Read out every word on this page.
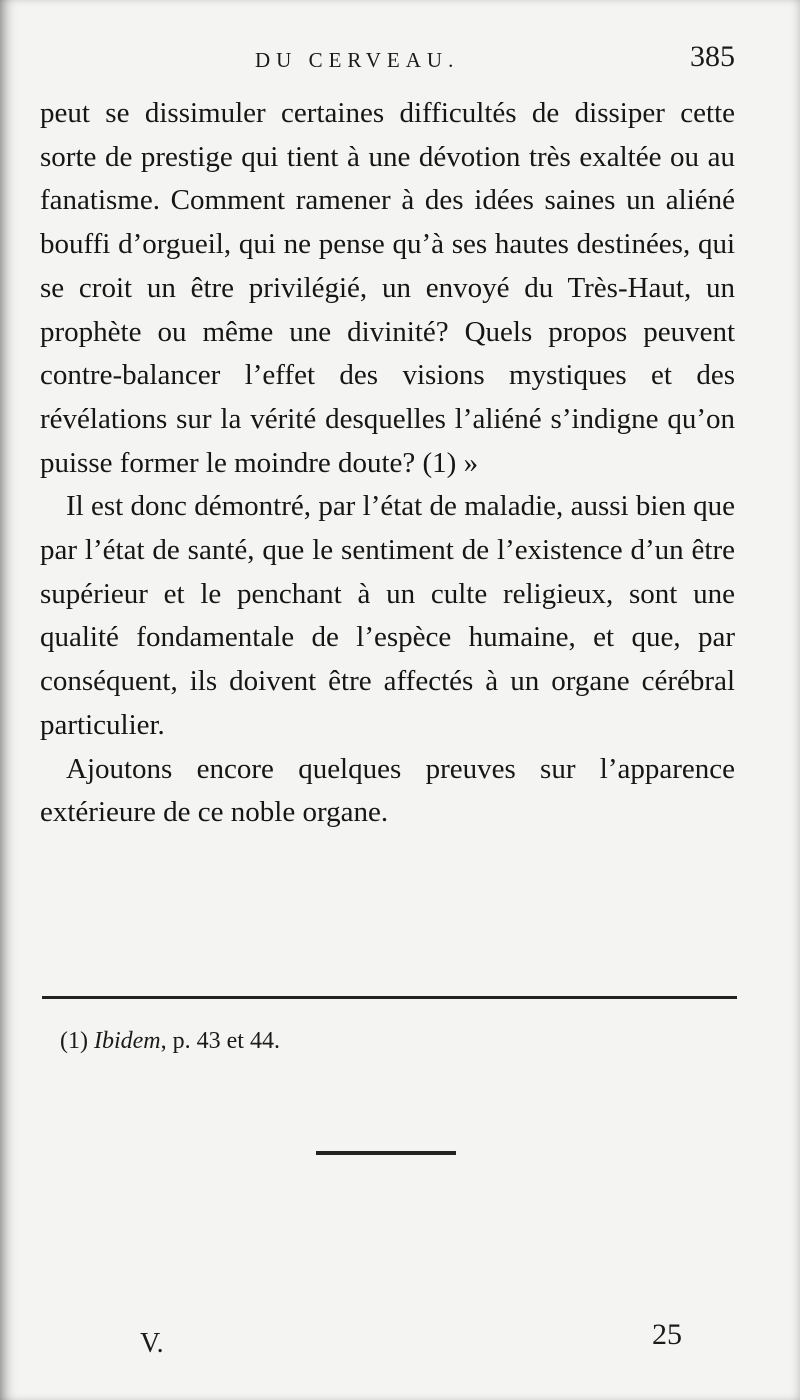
DU CERVEAU.	385

peut se dissimuler certaines difficultés de dissiper cette sorte de prestige qui tient à une dévotion très exaltée ou au fanatisme. Comment ramener à des idées saines un aliéné bouffi d’orgueil, qui ne pense qu’à ses hautes destinées, qui se croit un être privilégié, un envoyé du Très-Haut, un prophète ou même une divinité? Quels propos peuvent contre-balancer l’effet des visions mystiques et des révélations sur la vérité desquelles l’aliéné s’indigne qu’on puisse former le moindre doute? (1) »

Il est donc démontré, par l’état de maladie, aussi bien que par l’état de santé, que le sentiment de l’existence d’un être supérieur et le penchant à un culte religieux, sont une qualité fondamentale de l’espèce humaine, et que, par conséquent, ils doivent être affectés à un organe cérébral particulier.

Ajoutons encore quelques preuves sur l’apparence extérieure de ce noble organe.

(1) Ibidem, p. 43 et 44.
V.	25
